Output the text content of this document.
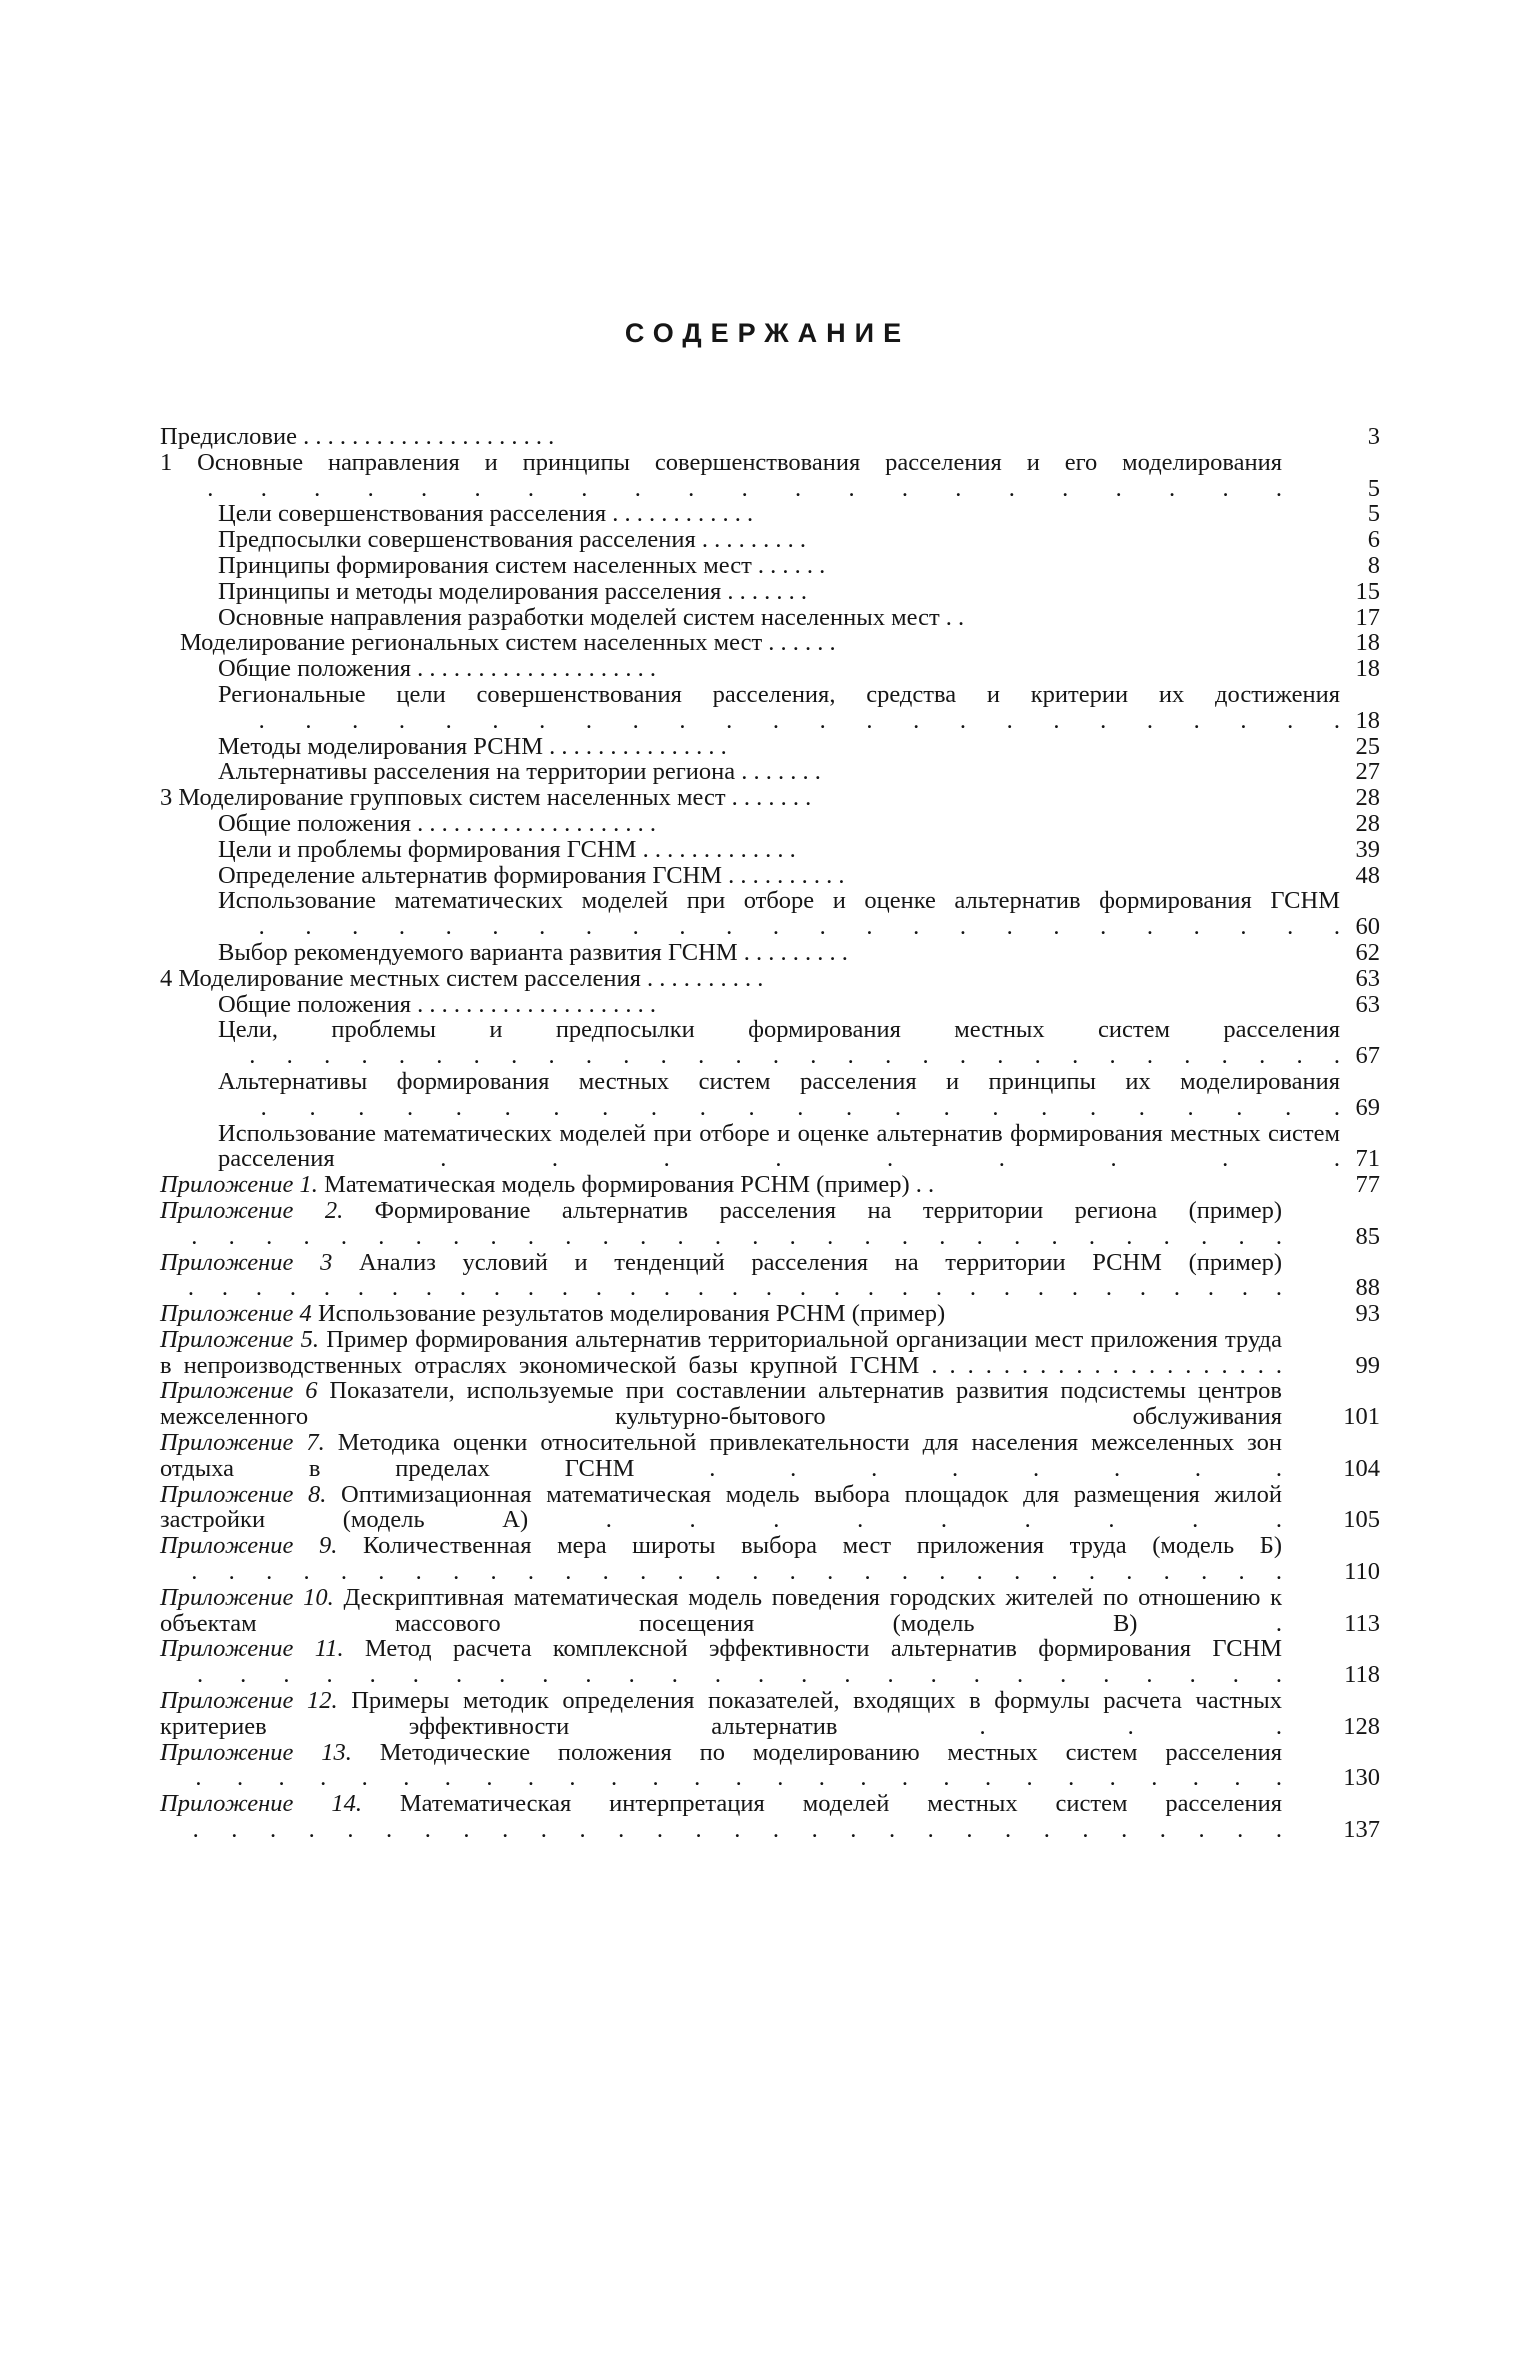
СОДЕРЖАНИЕ
Предисловие . . . . . . . . . . . . . . . . . . . . .	3
1 Основные направления и принципы совершенствования расселения и его моделирования . . . . . . . . . . . . . . . . . . . . .	5
Цели совершенствования расселения . . . . . . . . . . . .	5
Предпосылки совершенствования расселения . . . . . . . . .	6
Принципы формирования систем населенных мест . . . . . .	8
Принципы и методы моделирования расселения . . . . . . .	15
Основные направления разработки моделей систем населенных мест . .	17
Моделирование региональных систем населенных мест . . . . . .	18
Общие положения . . . . . . . . . . . . . . . . . . . .	18
Региональные цели совершенствования расселения, средства и критерии их достижения . . . . . . . . . . . . . . . . . . . . . . . . 18
Методы моделирования РСНМ . . . . . . . . . . . . . . .	25
Альтернативы расселения на территории региона . . . . . . .	27
3 Моделирование групповых систем населенных мест . . . . . . .	28
Общие положения . . . . . . . . . . . . . . . . . . . .	28
Цели и проблемы формирования ГСНМ . . . . . . . . . . . . .	39
Определение альтернатив формирования ГСНМ . . . . . . . . . .	48
Использование математических моделей при отборе и оценке альтернатив формирования ГСНМ . . . . . . . . . . . . . . . . . . . . . . . . 60
Выбор рекомендуемого варианта развития ГСНМ . . . . . . . . .	62
4 Моделирование местных систем расселения . . . . . . . . . .	63
Общие положения . . . . . . . . . . . . . . . . . . . .	63
Цели, проблемы и предпосылки формирования местных систем расселения . . . . . . . . . . . . . . . . . . . . . . . . . . . . . . 67
Альтернативы формирования местных систем расселения и принципы их моделирования . . . . . . . . . . . . . . . . . . . . . . . 69
Использование математических моделей при отборе и оценке альтернатив формирования местных систем расселения . . . . . . . . . 71
Приложение 1. Математическая модель формирования РСНМ (пример) . .	77
Приложение 2. Формирование альтернатив расселения на территории региона (пример) . . . . . . . . . . . . . . . . . . . . . . . . . . . . . .	85
Приложение 3 Анализ условий и тенденций расселения на территории РСНМ (пример) . . . . . . . . . . . . . . . . . . . . . . . . . . . . . . . . .	88
Приложение 4 Использование результатов моделирования РСНМ (пример)	93
Приложение 5. Пример формирования альтернатив территориальной организации мест приложения труда в непроизводственных отраслях экономической базы крупной ГСНМ . . . . . . . . . . . . . . . . . . . .	99
Приложение 6 Показатели, используемые при составлении альтернатив развития подсистемы центров межселенного культурно-бытового обслуживания	101
Приложение 7. Методика оценки относительной привлекательности для населения межселенных зон отдыха в пределах ГСНМ . . . . . . . .	104
Приложение 8. Оптимизационная математическая модель выбора площадок для размещения жилой застройки (модель А) . . . . . . . . .	105
Приложение 9. Количественная мера широты выбора мест приложения труда (модель Б) . . . . . . . . . . . . . . . . . . . . . . . . . . . . . .	110
Приложение 10. Дескриптивная математическая модель поведения городских жителей по отношению к объектам массового посещения (модель В) .	113
Приложение 11. Метод расчета комплексной эффективности альтернатив формирования ГСНМ . . . . . . . . . . . . . . . . . . . . . . . . . .	118
Приложение 12. Примеры методик определения показателей, входящих в формулы расчета частных критериев эффективности альтернатив . . .	128
Приложение 13. Методические положения по моделированию местных систем расселения . . . . . . . . . . . . . . . . . . . . . . . . . . .	130
Приложение 14. Математическая интерпретация моделей местных систем расселения . . . . . . . . . . . . . . . . . . . . . . . . . . . . .	137
